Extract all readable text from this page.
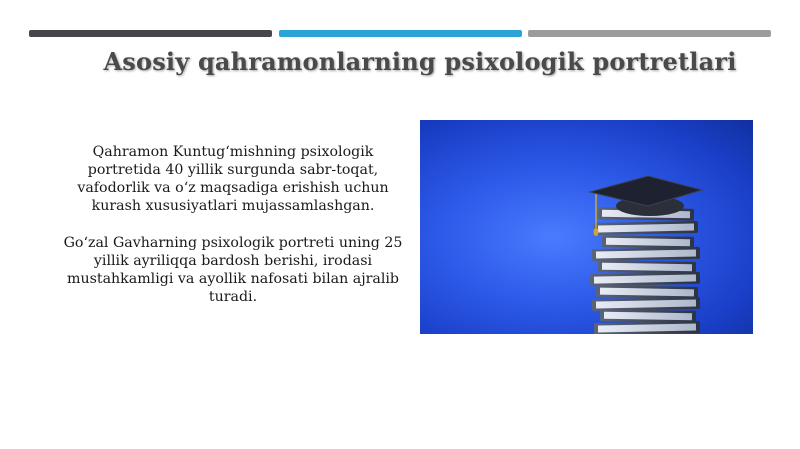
Asosiy qahramonlarning psixologik portretlari

Qahramon Kuntug‘mishning psixologik portretida 40 yillik surgunda sabr-toqat, vafodorlik va o‘z maqsadiga erishish uchun kurash xususiyatlari mujassamlashgan.

Go‘zal Gavharning psixologik portreti uning 25 yillik ayriliqqa bardosh berishi, irodasi mustahkamligi va ayollik nafosati bilan ajralib turadi.
